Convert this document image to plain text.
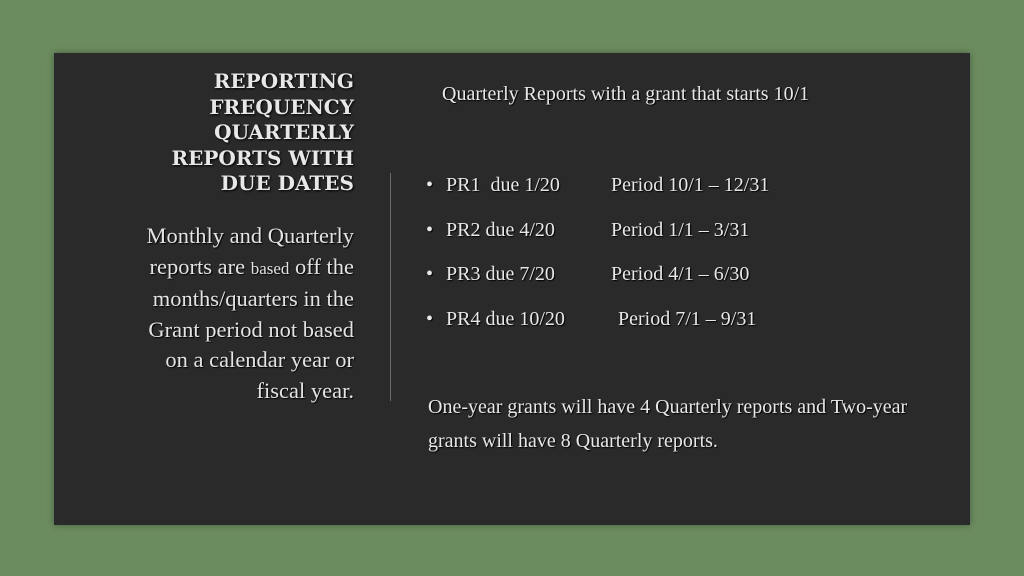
REPORTING
FREQUENCY
QUARTERLY
REPORTS WITH
DUE DATES

Monthly and Quarterly reports are based off the months/quarters in the Grant period not based on a calendar year or fiscal year.

Quarterly Reports with a grant that starts 10/1

• PR1  due 1/20	Period 10/1 – 12/31
• PR2 due 4/20	Period 1/1 – 3/31
• PR3 due 7/20	Period 4/1 – 6/30
• PR4 due 10/20	Period 7/1 – 9/31

One-year grants will have 4 Quarterly reports and Two-year grants will have 8 Quarterly reports.
